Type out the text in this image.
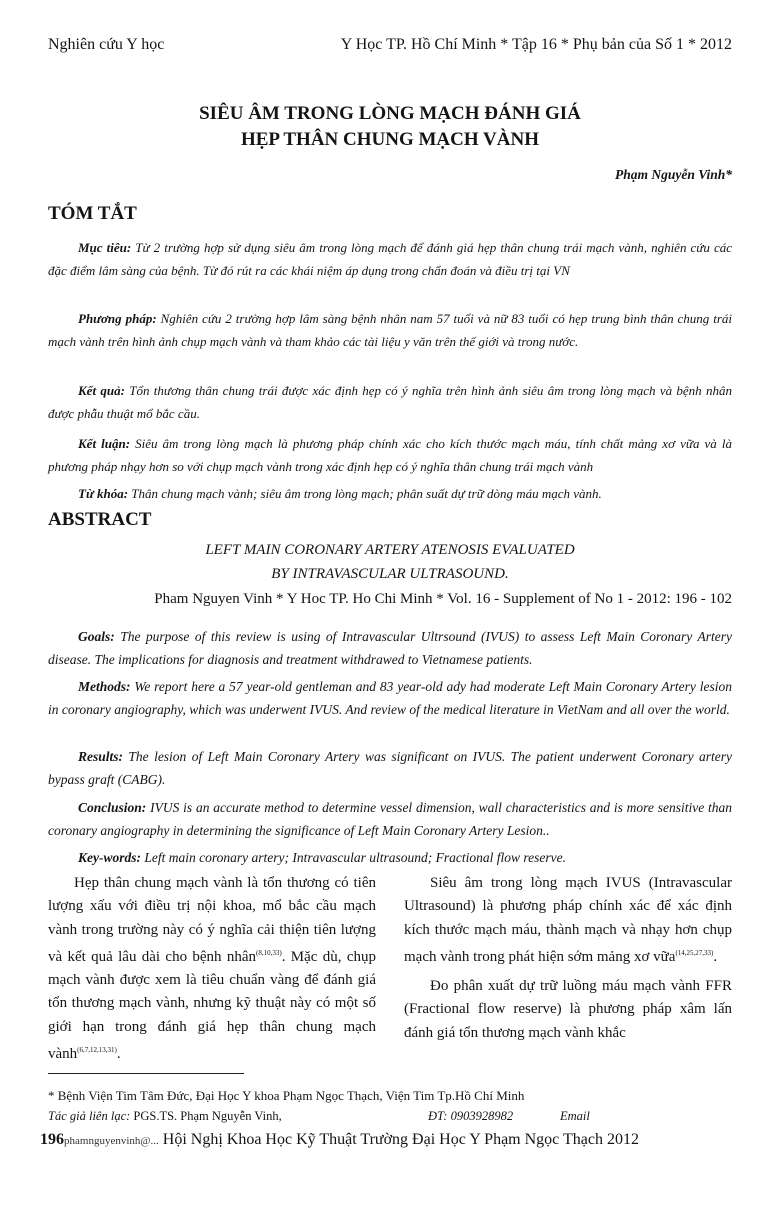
Nghiên cứu Y học	Y Học TP. Hồ Chí Minh * Tập 16 * Phụ bản của Số 1 * 2012
SIÊU ÂM TRONG LÒNG MẠCH ĐÁNH GIÁ
HẸP THÂN CHUNG MẠCH VÀNH
Phạm Nguyễn Vinh*
TÓM TẮT
Mục tiêu: Từ 2 trường hợp sử dụng siêu âm trong lòng mạch để đánh giá hẹp thân chung trái mạch vành, nghiên cứu các đặc điểm lâm sàng của bệnh. Từ đó rút ra các khái niệm áp dụng trong chẩn đoán và điều trị tại VN
Phương pháp: Nghiên cứu 2 trường hợp lâm sàng bệnh nhân nam 57 tuổi và nữ 83 tuổi có hẹp trung bình thân chung trái mạch vành trên hình ảnh chụp mạch vành và tham khảo các tài liệu y văn trên thế giới và trong nước.
Kết quả: Tổn thương thân chung trái được xác định hẹp có ý nghĩa trên hình ảnh siêu âm trong lòng mạch và bệnh nhân được phẫu thuật mổ bắc cầu.
Kết luận: Siêu âm trong lòng mạch là phương pháp chính xác cho kích thước mạch máu, tính chất mảng xơ vữa và là phương pháp nhạy hơn so với chụp mạch vành trong xác định hẹp có ý nghĩa thân chung trái mạch vành
Từ khóa: Thân chung mạch vành; siêu âm trong lòng mạch; phân suất dự trữ dòng máu mạch vành.
ABSTRACT
LEFT MAIN CORONARY ARTERY ATENOSIS EVALUATED
BY INTRAVASCULAR ULTRASOUND.
Pham Nguyen Vinh * Y Hoc TP. Ho Chi Minh * Vol. 16 - Supplement of No 1 - 2012: 196 - 102
Goals: The purpose of this review is using of Intravascular Ultrsound (IVUS) to assess Left Main Coronary Artery disease. The implications for diagnosis and treatment withdrawed to Vietnamese patients.
Methods: We report here a 57 year-old gentleman and 83 year-old ady had moderate Left Main Coronary Artery lesion in coronary angiography, which was underwent IVUS. And review of the medical literature in VietNam and all over the world.
Results: The lesion of Left Main Coronary Artery was significant on IVUS. The patient underwent Coronary artery bypass graft (CABG).
Conclusion: IVUS is an accurate method to determine vessel dimension, wall characteristics and is more sensitive than coronary angiography in determining the significance of Left Main Coronary Artery Lesion..
Key-words: Left main coronary artery; Intravascular ultrasound; Fractional flow reserve.
Hẹp thân chung mạch vành là tổn thương có tiên lượng xấu với điều trị nội khoa, mổ bắc cầu mạch vành trong trường này có ý nghĩa cải thiện tiên lượng và kết quả lâu dài cho bệnh nhân$^{(8,10,33)}$. Mặc dù, chụp mạch vành được xem là tiêu chuẩn vàng để đánh giá tổn thương mạch vành, nhưng kỹ thuật này có một số giới hạn trong đánh giá hẹp thân chung mạch vành$^{(6,7,12,13,31)}$.
Siêu âm trong lòng mạch IVUS (Intravascular Ultrasound) là phương pháp chính xác để xác định kích thước mạch máu, thành mạch và nhạy hơn chụp mạch vành trong phát hiện sớm mảng xơ vữa$^{(14,25,27,33)}$.
Đo phân xuất dự trữ luồng máu mạch vành FFR (Fractional flow reserve) là phương pháp xâm lấn đánh giá tổn thương mạch vành khắc
* Bệnh Viện Tim Tâm Đức, Đại Học Y khoa Phạm Ngọc Thạch, Viện Tim Tp.Hồ Chí Minh
Tác giả liên lạc: PGS.TS. Phạm Nguyễn Vinh,	ĐT: 0903928982	Email
196phamnguyenvinh@... Hội Nghị Khoa Học Kỹ Thuật Trường Đại Học Y Phạm Ngọc Thạch 2012
